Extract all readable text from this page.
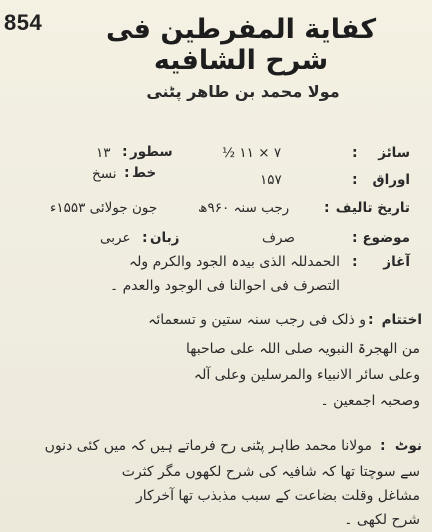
854	كفاية المفرطين فى شرح الشافيه
مولا محمد بن طاهر پٹنی
سائز
:
۷ × ۱۱ ½
سطور
:
۱۳
اوراق
:
۱۵۷
خط
:
نسخ
تاریخ تالیف
:
رجب سنہ ۹۶۰ھ
جون جولائی ۱۵۵۳ء
موضوع
:
صرف
زبان
:
عربی
آغاز
:
الحمدللہ الذی بیدہ الجود والکرم ولہ
التصرف فی احوالنا فی الوجود والعدم ۔
اختتام
:
و ذلک فی رجب سنہ ستین و تسعمائہ
من الھجرۃ النبویہ صلی اللہ علی صاحبھا
وعلی سائر الانبیاء والمرسلین وعلی آلہ
وصحبہ اجمعین ۔
نوٹ
:
مولانا محمد طاہر پٹنی رح فرماتے ہیں کہ میں کئی دنوں
سے سوچتا تھا کہ شافیہ کی شرح لکھوں مگر کثرت
مشاغل وقلت بضاعت کے سبب مذبذب تھا آخرکار
شرح لکھی ۔
